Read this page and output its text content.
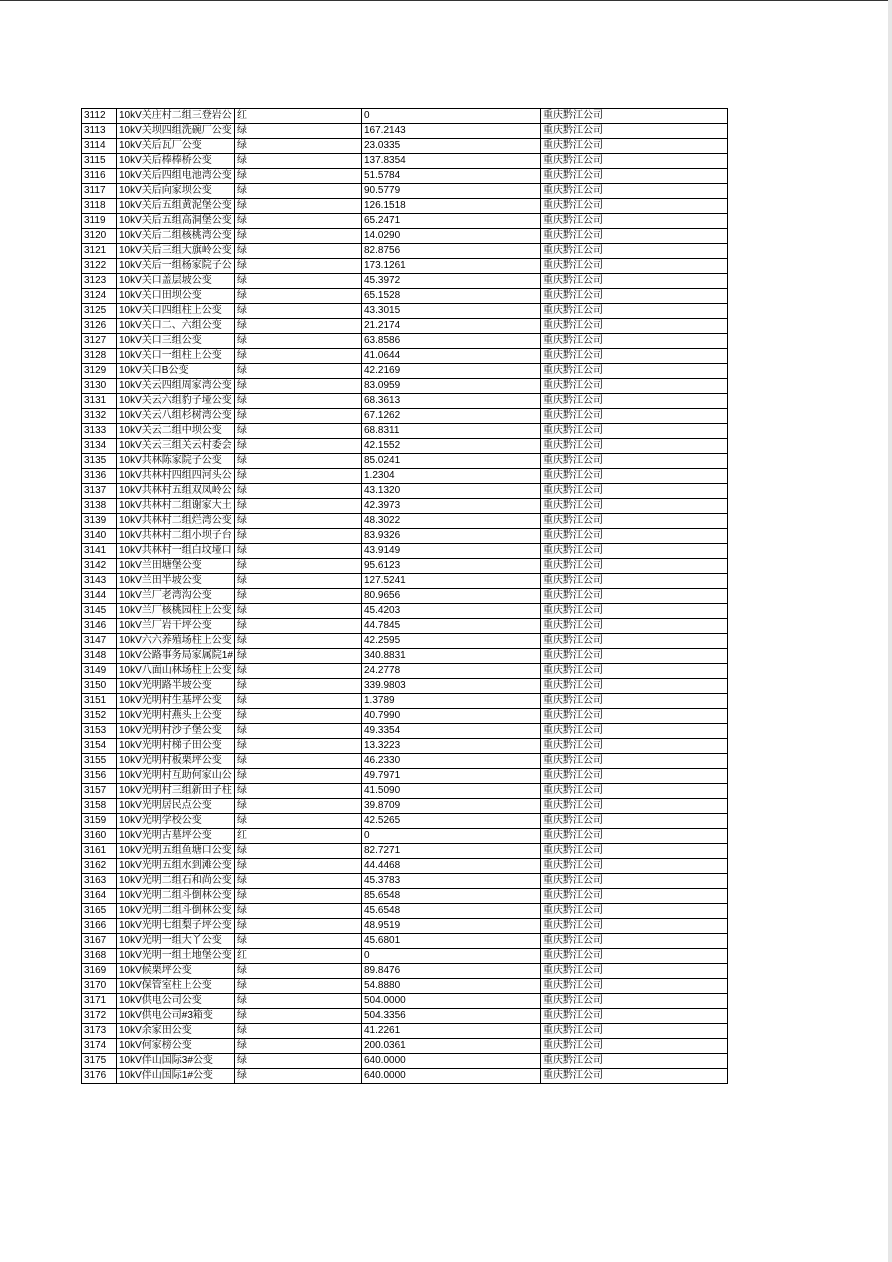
3112	10kV关庄村二组三登岩公	红	0	重庆黔江公司
3113	10kV关坝四组洗碗厂公变	绿	167.2143	重庆黔江公司
3114	10kV关后瓦厂公变	绿	23.0335	重庆黔江公司
3115	10kV关后棒棒桥公变	绿	137.8354	重庆黔江公司
3116	10kV关后四组电池湾公变	绿	51.5784	重庆黔江公司
3117	10kV关后向家坝公变	绿	90.5779	重庆黔江公司
3118	10kV关后五组黄泥堡公变	绿	126.1518	重庆黔江公司
3119	10kV关后五组高洞堡公变	绿	65.2471	重庆黔江公司
3120	10kV关后二组核桃湾公变	绿	14.0290	重庆黔江公司
3121	10kV关后三组大旗岭公变	绿	82.8756	重庆黔江公司
3122	10kV关后一组杨家院子公	绿	173.1261	重庆黔江公司
3123	10kV关口盖层坡公变	绿	45.3972	重庆黔江公司
3124	10kV关口田坝公变	绿	65.1528	重庆黔江公司
3125	10kV关口四组柱上公变	绿	43.3015	重庆黔江公司
3126	10kV关口二、六组公变	绿	21.2174	重庆黔江公司
3127	10kV关口三组公变	绿	63.8586	重庆黔江公司
3128	10kV关口一组柱上公变	绿	41.0644	重庆黔江公司
3129	10kV关口B公变	绿	42.2169	重庆黔江公司
3130	10kV关云四组周家湾公变	绿	83.0959	重庆黔江公司
3131	10kV关云六组豹子垭公变	绿	68.3613	重庆黔江公司
3132	10kV关云八组杉树湾公变	绿	67.1262	重庆黔江公司
3133	10kV关云二组中坝公变	绿	68.8311	重庆黔江公司
3134	10kV关云三组关云村委会	绿	42.1552	重庆黔江公司
3135	10kV共林陈家院子公变	绿	85.0241	重庆黔江公司
3136	10kV共林村四组四河头公	绿	1.2304	重庆黔江公司
3137	10kV共林村五组双凤岭公	绿	43.1320	重庆黔江公司
3138	10kV共林村二组谢家大土	绿	42.3973	重庆黔江公司
3139	10kV共林村二组烂湾公变	绿	48.3022	重庆黔江公司
3140	10kV共林村二组小坝子台	绿	83.9326	重庆黔江公司
3141	10kV共林村一组白坟垭口	绿	43.9149	重庆黔江公司
3142	10kV兰田塘堡公变	绿	95.6123	重庆黔江公司
3143	10kV兰田半坡公变	绿	127.5241	重庆黔江公司
3144	10kV兰厂老湾沟公变	绿	80.9656	重庆黔江公司
3145	10kV兰厂核桃园柱上公变	绿	45.4203	重庆黔江公司
3146	10kV兰厂岩干坪公变	绿	44.7845	重庆黔江公司
3147	10kV六六养殖场柱上公变	绿	42.2595	重庆黔江公司
3148	10kV公路事务局家属院1#	绿	340.8831	重庆黔江公司
3149	10kV八面山林场柱上公变	绿	24.2778	重庆黔江公司
3150	10kV光明路半坡公变	绿	339.9803	重庆黔江公司
3151	10kV光明村生基坪公变	绿	1.3789	重庆黔江公司
3152	10kV光明村燕头上公变	绿	40.7990	重庆黔江公司
3153	10kV光明村沙子堡公变	绿	49.3354	重庆黔江公司
3154	10kV光明村梯子田公变	绿	13.3223	重庆黔江公司
3155	10kV光明村板栗坪公变	绿	46.2330	重庆黔江公司
3156	10kV光明村互助何家山公	绿	49.7971	重庆黔江公司
3157	10kV光明村三组新田子柱	绿	41.5090	重庆黔江公司
3158	10kV光明居民点公变	绿	39.8709	重庆黔江公司
3159	10kV光明学校公变	绿	42.5265	重庆黔江公司
3160	10kV光明古墓坪公变	红	0	重庆黔江公司
3161	10kV光明五组鱼塘口公变	绿	82.7271	重庆黔江公司
3162	10kV光明五组水到滩公变	绿	44.4468	重庆黔江公司
3163	10kV光明二组石和尚公变	绿	45.3783	重庆黔江公司
3164	10kV光明二组斗倒林公变	绿	85.6548	重庆黔江公司
3165	10kV光明二组斗倒林公变	绿	45.6548	重庆黔江公司
3166	10kV光明七组梨子坪公变	绿	48.9519	重庆黔江公司
3167	10kV光明一组大丫公变	绿	45.6801	重庆黔江公司
3168	10kV光明一组土地堡公变	红	0	重庆黔江公司
3169	10kV候栗坪公变	绿	89.8476	重庆黔江公司
3170	10kV保管室柱上公变	绿	54.8880	重庆黔江公司
3171	10kV供电公司公变	绿	504.0000	重庆黔江公司
3172	10kV供电公司#3箱变	绿	504.3356	重庆黔江公司
3173	10kV余家田公变	绿	41.2261	重庆黔江公司
3174	10kV何家榜公变	绿	200.0361	重庆黔江公司
3175	10kV伴山国际3#公变	绿	640.0000	重庆黔江公司
3176	10kV伴山国际1#公变	绿	640.0000	重庆黔江公司
